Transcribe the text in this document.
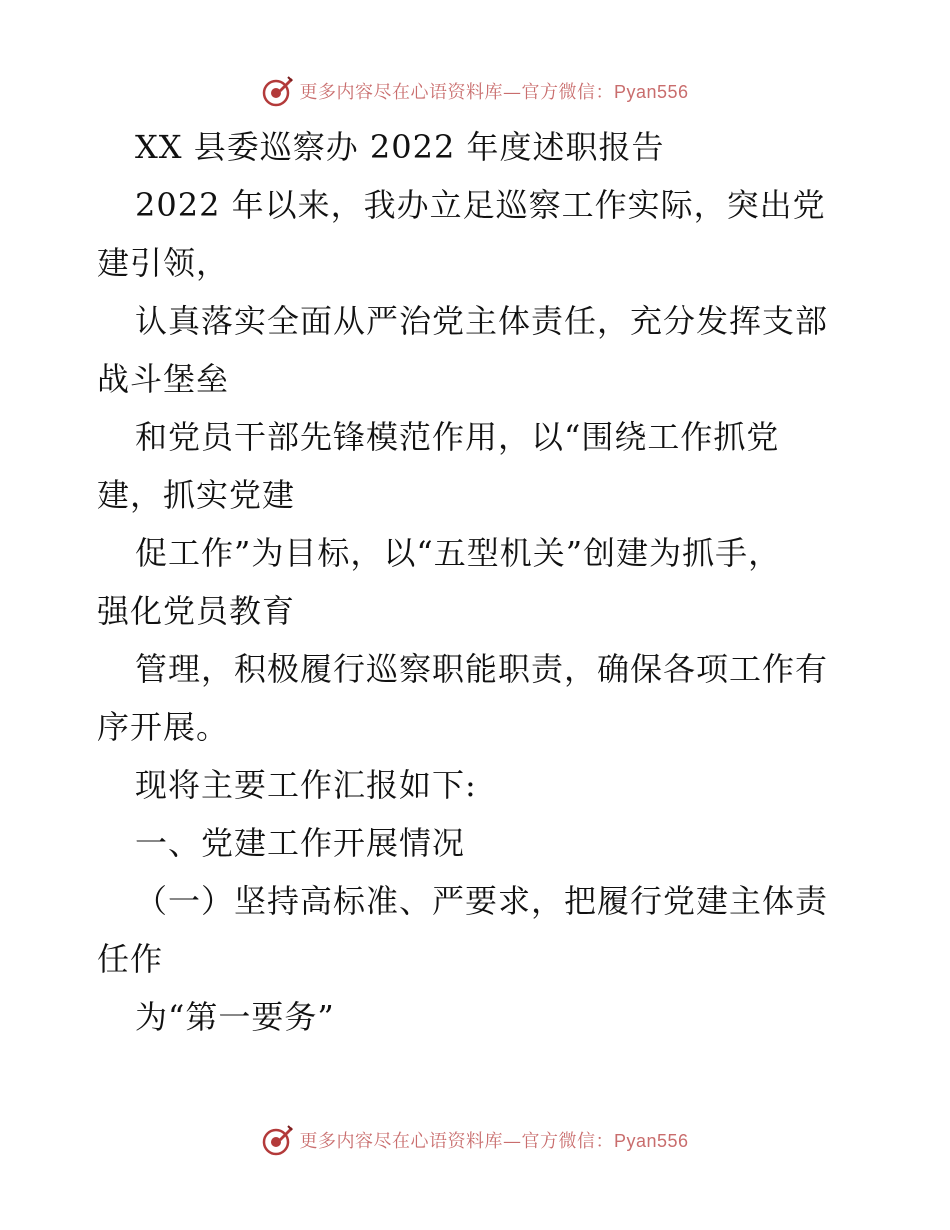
更多内容尽在心语资料库—官方微信：Pyan556
XX 县委巡察办 2022 年度述职报告
2022 年以来，我办立足巡察工作实际，突出党
建引领，
认真落实全面从严治党主体责任，充分发挥支部
战斗堡垒
和党员干部先锋模范作用，以“围绕工作抓党
建，抓实党建
促工作”为目标，以“五型机关”创建为抓手，
强化党员教育
管理，积极履行巡察职能职责，确保各项工作有
序开展。
现将主要工作汇报如下:
一、党建工作开展情况
（一）坚持高标准、严要求，把履行党建主体责
任作
为“第一要务”
更多内容尽在心语资料库—官方微信：Pyan556
